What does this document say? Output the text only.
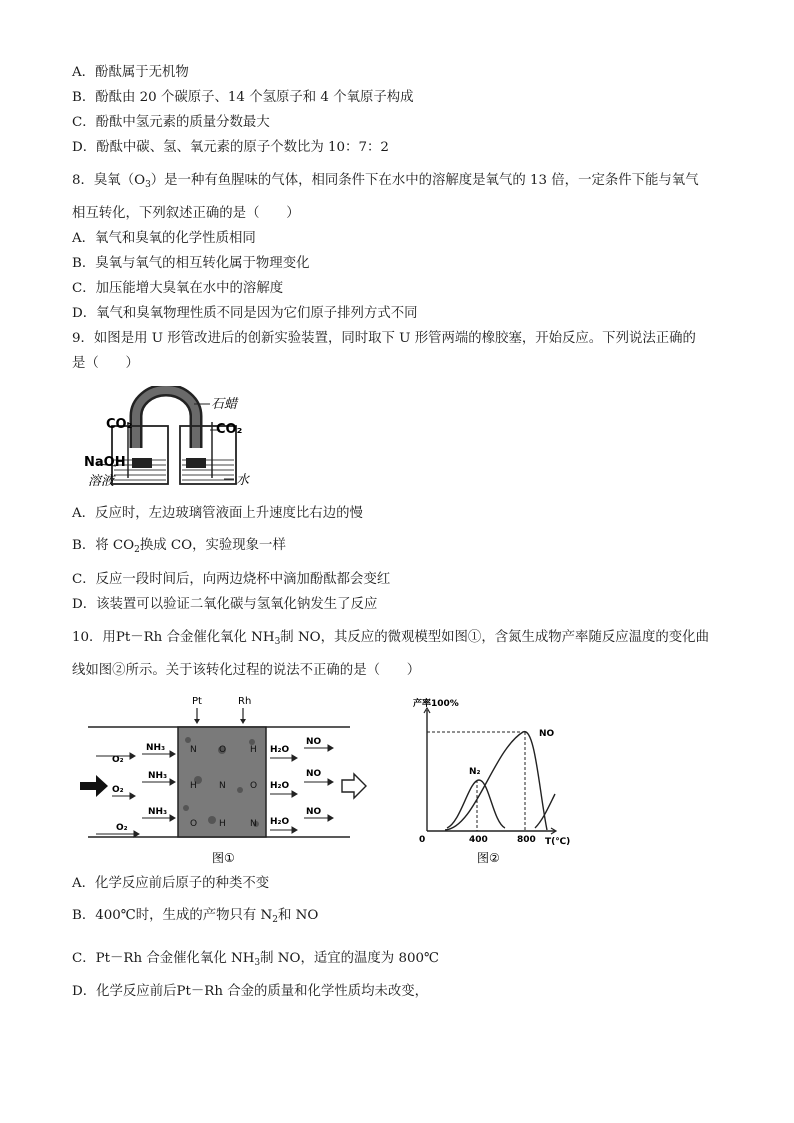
A．酚酞属于无机物
B．酚酞由 20 个碳原子、14 个氢原子和 4 个氧原子构成
C．酚酞中氢元素的质量分数最大
D．酚酞中碳、氢、氧元素的原子个数比为 10：7：2
8．臭氧$(O_3)$是一种有鱼腥味的气体，相同条件下在水中的溶解度是氧气的 13 倍，一定条件下能与氧气
相互转化，下列叙述正确的是（　　）
A．氧气和臭氧的化学性质相同
B．臭氧与氧气的相互转化属于物理变化
C．加压能增大臭氧在水中的溶解度
D．氧气和臭氧物理性质不同是因为它们原子排列方式不同
9．如图是用 U 形管改进后的创新实验装置，同时取下 U 形管两端的橡胶塞，开始反应。下列说法正确的
是（　　）
石蜡
CO₂	CO₂
NaOH
溶液	水
A．反应时，左边玻璃管液面上升速度比右边的慢
B．将 $CO_2$换成 CO，实验现象一样
C．反应一段时间后，向两边烧杯中滴加酚酞都会变红
D．该装置可以验证二氧化碳与氢氧化钠发生了反应
10．用Pt－Rh 合金催化氧化 $NH_3$制 NO，其反应的微观模型如图①，含氮生成物产率随反应温度的变化曲
线如图②所示。关于该转化过程的说法不正确的是（　　）
N O	H
H N	O
O H	N
Pt	Rh
O₂
NH₃
O₂
NH₃
NH₃
O₂
H₂O
NO
H₂O
NO
H₂O
NO
图①
产率100%
N₂
NO
0	400	800 T(℃)
图②
A．化学反应前后原子的种类不变
B．400℃时，生成的产物只有 $N_2$和 NO
C．Pt－Rh 合金催化氧化 $NH_3$制 NO，适宜的温度为 800℃
D．化学反应前后Pt－Rh 合金的质量和化学性质均未改变，
